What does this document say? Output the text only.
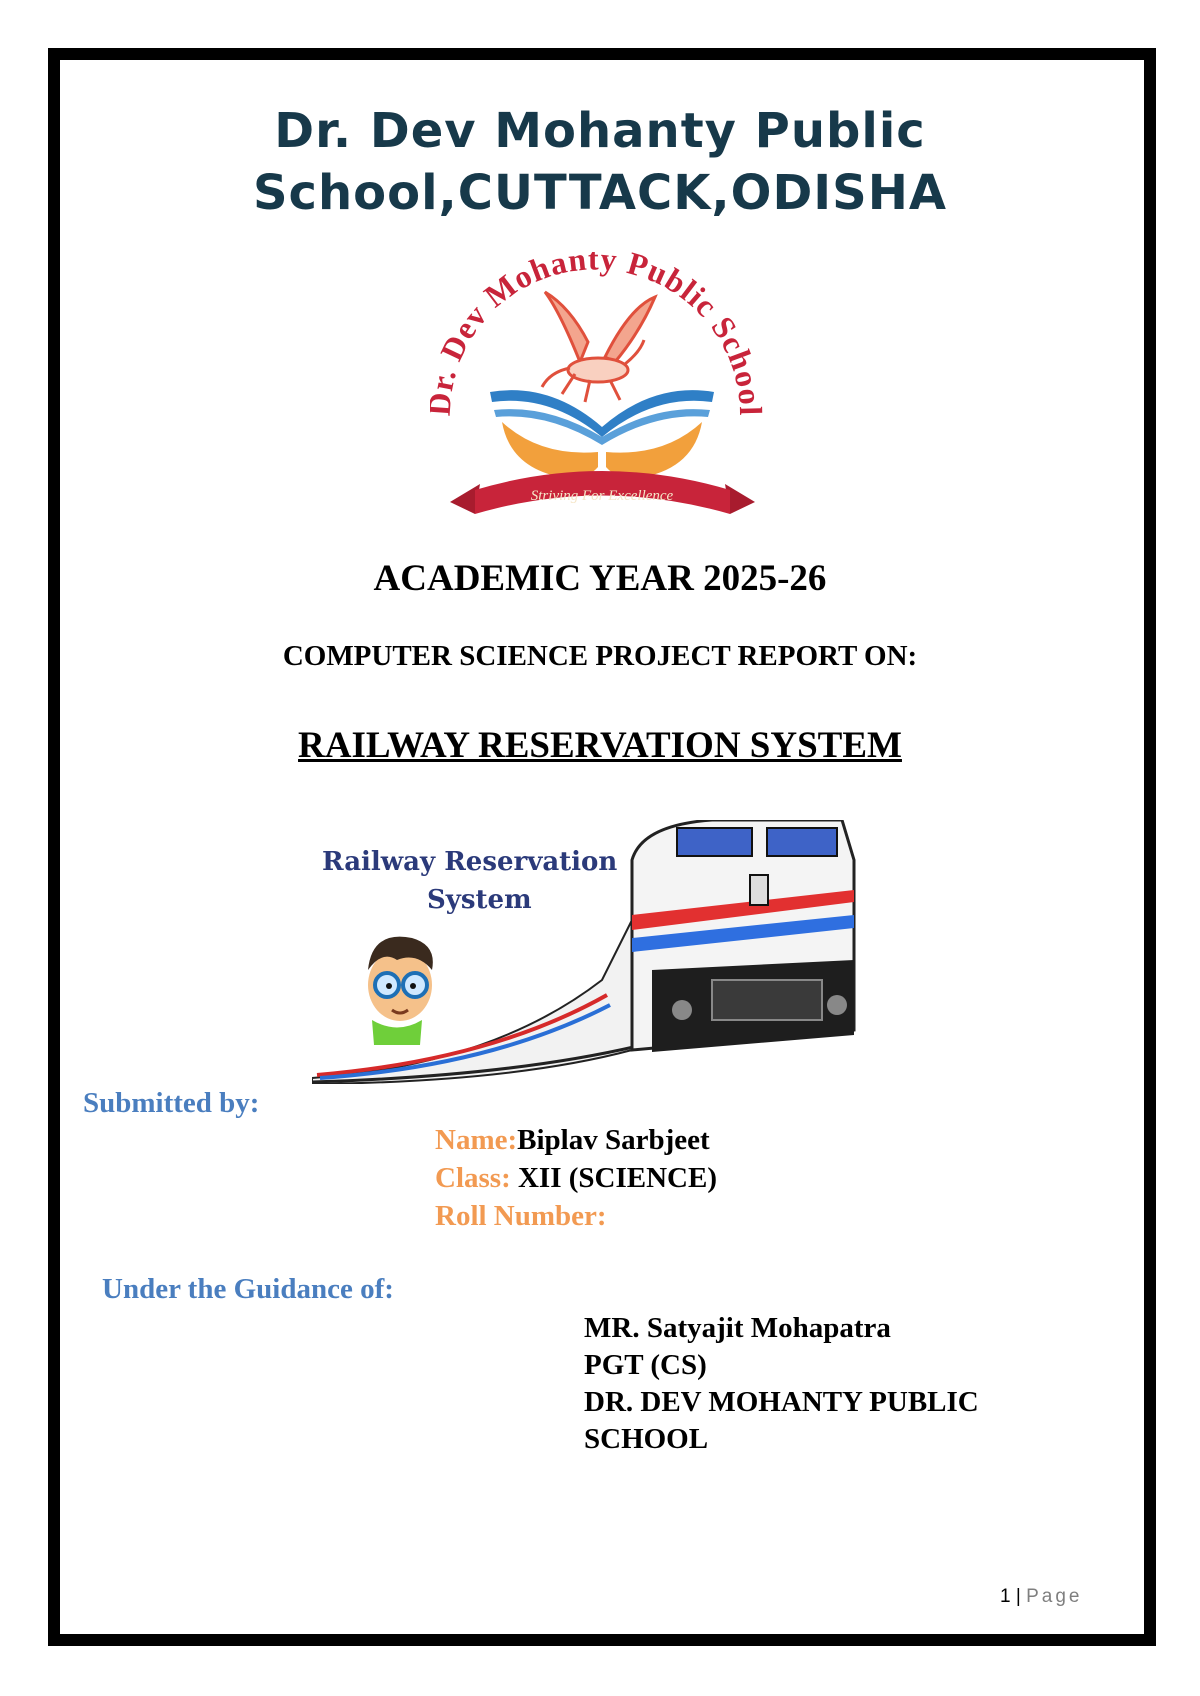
Dr. Dev Mohanty Public
School,CUTTACK,ODISHA
Dev Mohanty Public School
Striving For Excellence
ACADEMIC YEAR 2025-26
COMPUTER SCIENCE PROJECT REPORT ON:
RAILWAY RESERVATION SYSTEM
Railway Reservation
System
Submitted by:
Name:Biplav Sarbjeet
Class: XII (SCIENCE)
Roll Number:
Under the Guidance of:
MR. Satyajit Mohapatra
PGT (CS)
DR. DEV MOHANTY PUBLIC
SCHOOL
1 | Page
